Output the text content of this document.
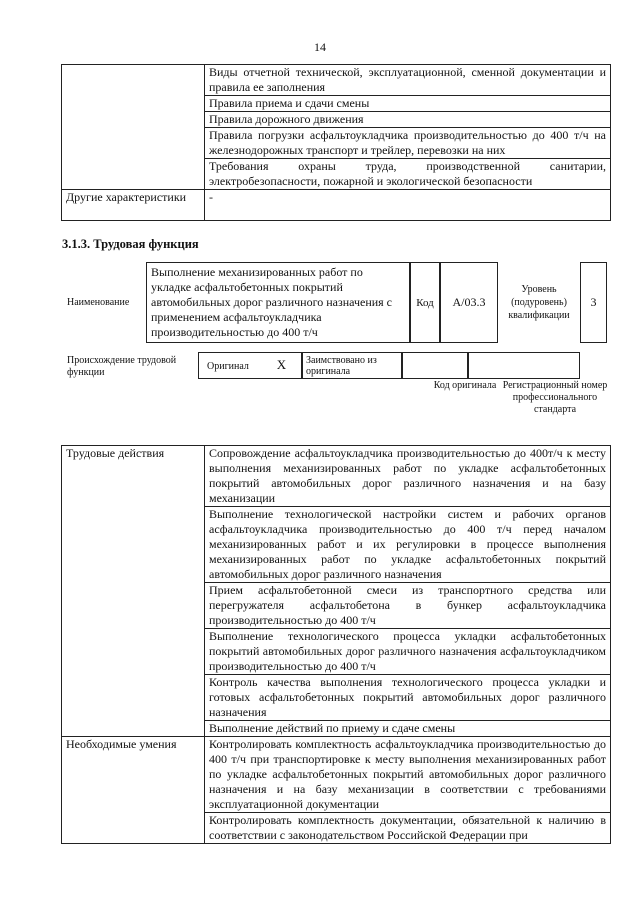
14
	Виды отчетной технической, эксплуатационной, сменной документации и правила ее заполнения
	Правила приема и сдачи смены
	Правила дорожного движения
	Правила погрузки асфальтоукладчика производительностью до 400 т/ч на железнодорожных транспорт и трейлер, перевозки на них
	Требования охраны труда, производственной санитарии, электробезопасности, пожарной и экологической безопасности
Другие характеристики	-
3.1.3. Трудовая функция
Наименование
Выполнение механизированных работ по укладке асфальтобетонных покрытий автомобильных дорог различного назначения с применением асфальтоукладчика производительностью до 400 т/ч
Код	А/03.3
Уровень (подуровень) квалификации
3
Происхождение трудовой функции
Оригинал	X	Заимствовано из оригинала
Код оригинала Регистрационный номер профессионального стандарта
Трудовые действия	Сопровождение асфальтоукладчика производительностью до 400т/ч к месту выполнения механизированных работ по укладке асфальтобетонных покрытий автомобильных дорог различного назначения и на базу механизации
	Выполнение технологической настройки систем и рабочих органов асфальтоукладчика производительностью до 400 т/ч перед началом механизированных работ и их регулировки в процессе выполнения механизированных работ по укладке асфальтобетонных покрытий автомобильных дорог различного назначения
	Прием асфальтобетонной смеси из транспортного средства или перегружателя асфальтобетона в бункер асфальтоукладчика производительностью до 400 т/ч
	Выполнение технологического процесса укладки асфальтобетонных покрытий автомобильных дорог различного назначения асфальтоукладчиком производительностью до 400 т/ч
	Контроль качества выполнения технологического процесса укладки и готовых асфальтобетонных покрытий автомобильных дорог различного назначения
	Выполнение действий по приему и сдаче смены
Необходимые умения	Контролировать комплектность асфальтоукладчика производительностью до 400 т/ч при транспортировке к месту выполнения механизированных работ по укладке асфальтобетонных покрытий автомобильных дорог различного назначения и на базу механизации в соответствии с требованиями эксплуатационной документации
	Контролировать комплектность документации, обязательной к наличию в соответствии с законодательством Российской Федерации при
